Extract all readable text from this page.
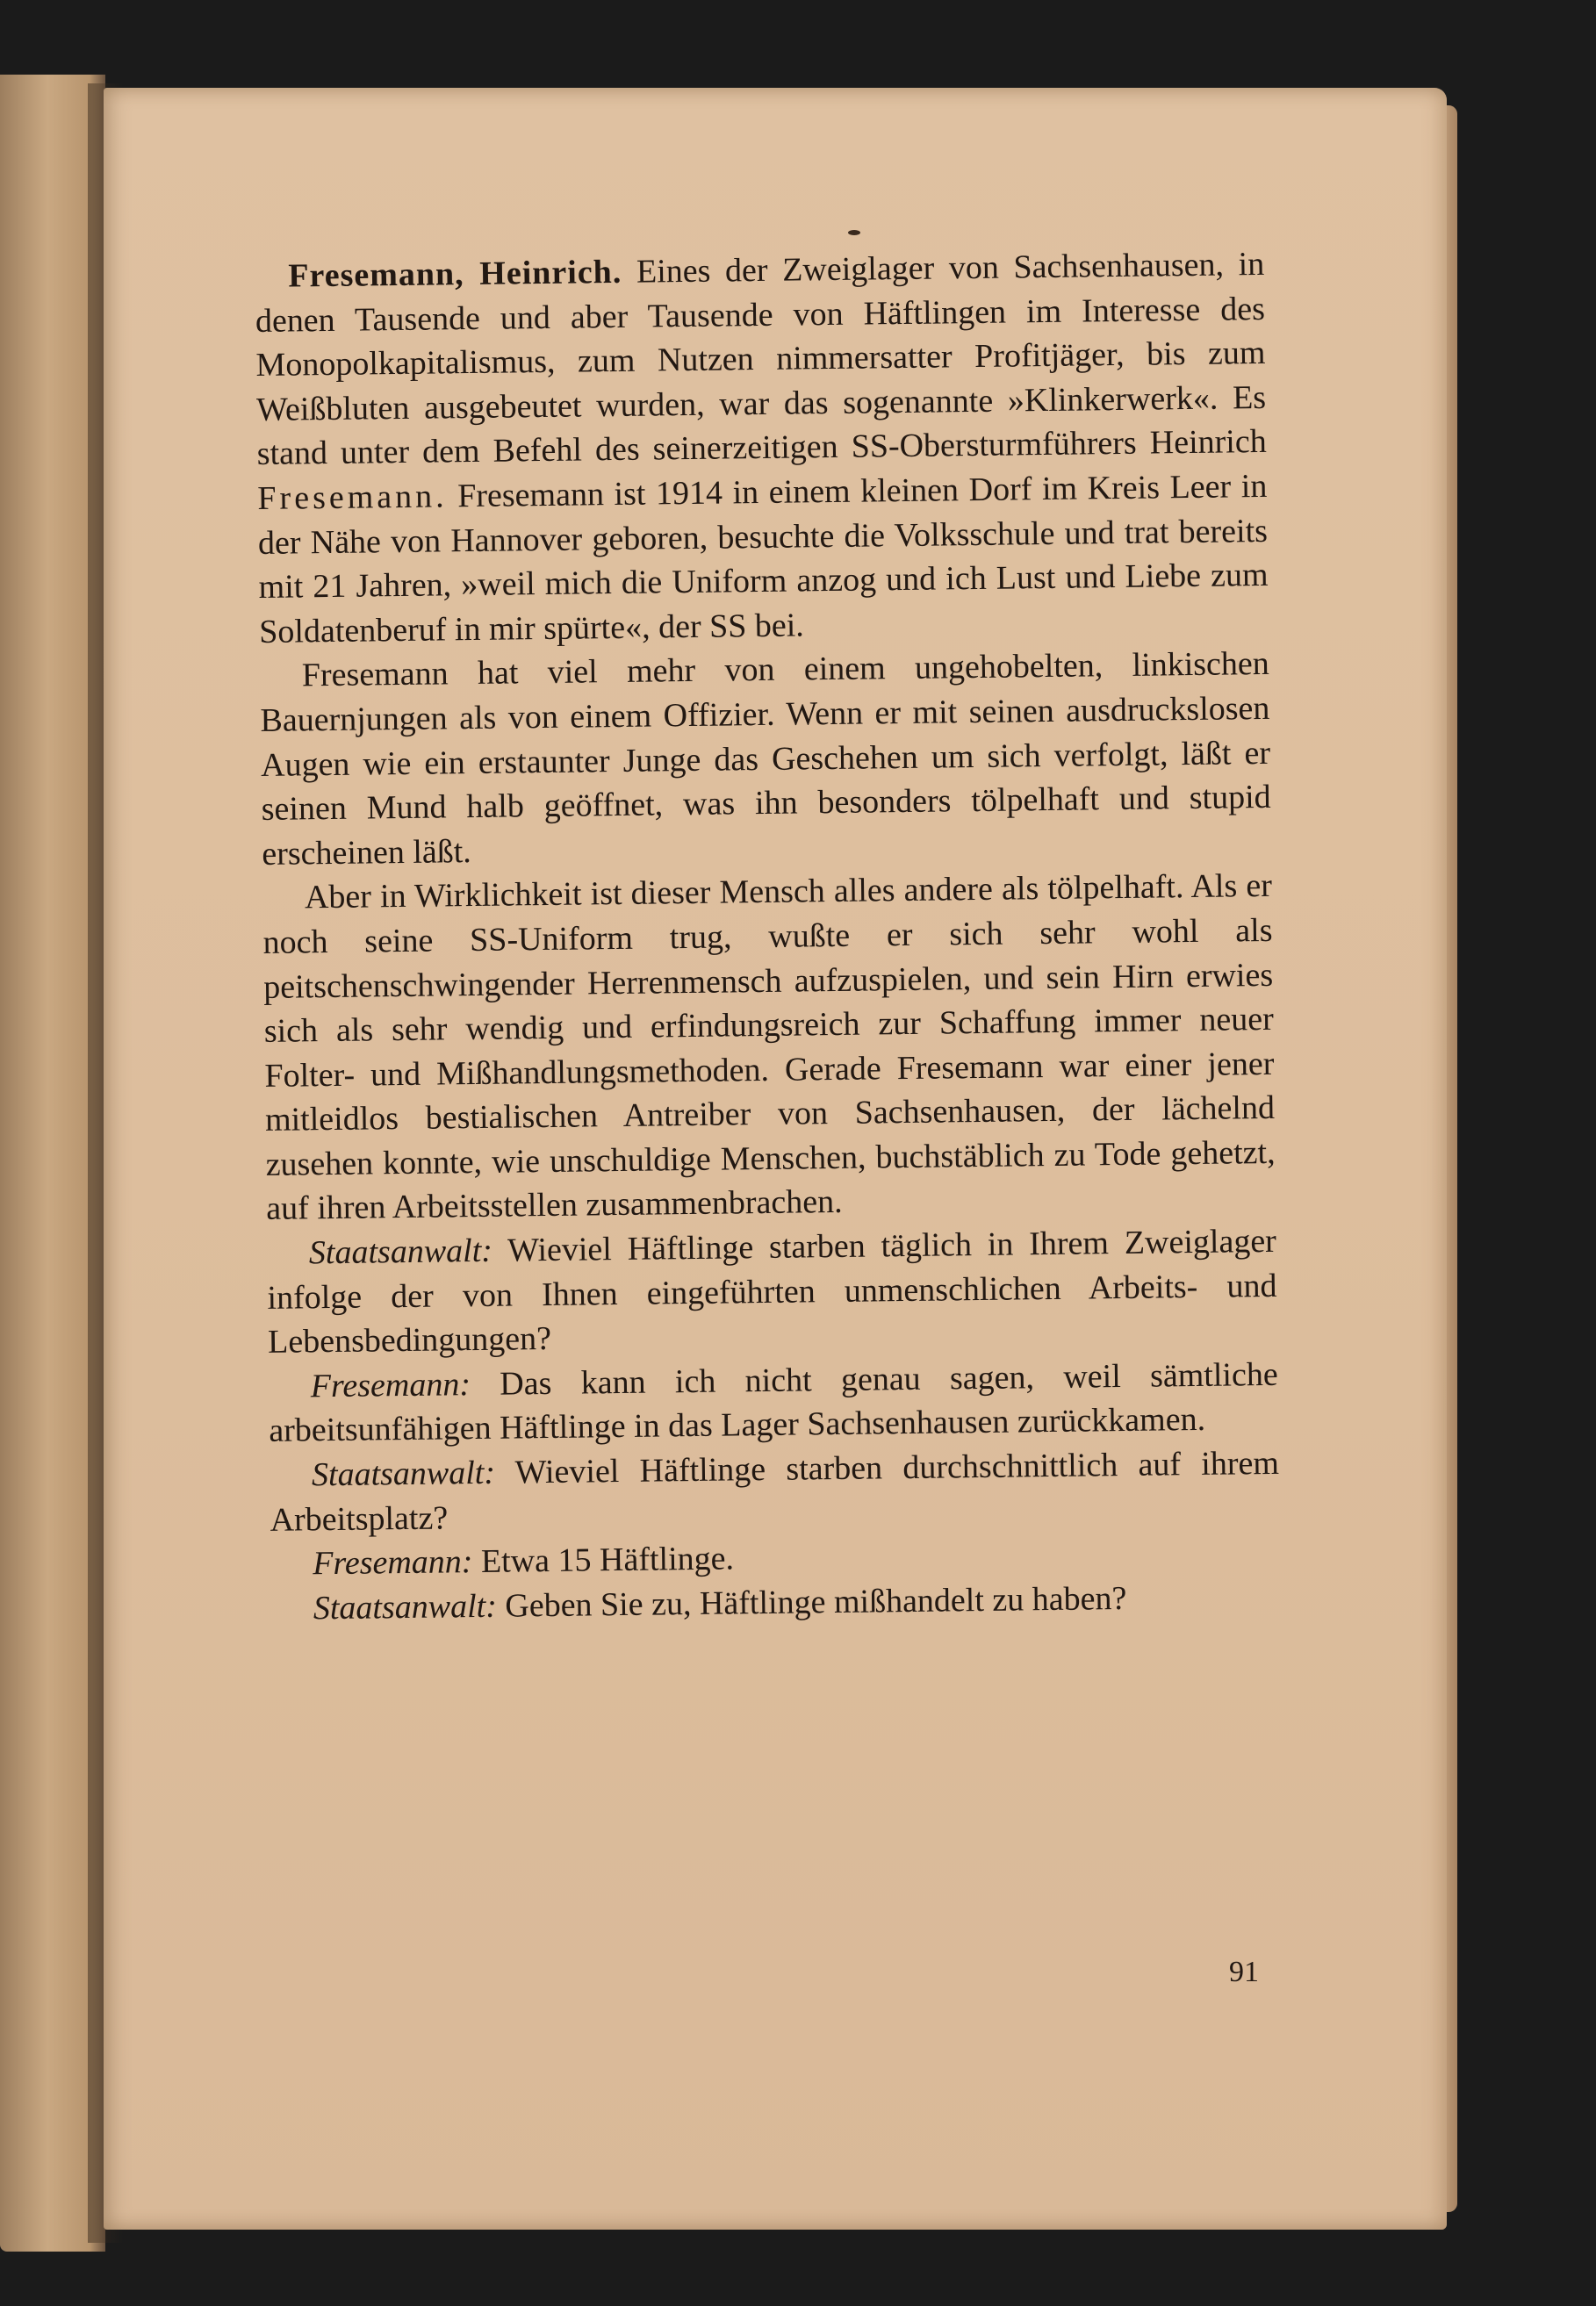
Fresemann, Heinrich. Eines der Zweiglager von Sachsenhausen, in denen Tausende und aber Tausende von Häftlingen im Interesse des Monopolkapitalismus, zum Nutzen nimmersatter Profitjäger, bis zum Weißbluten ausgebeutet wurden, war das sogenannte »Klinkerwerk«. Es stand unter dem Befehl des seinerzeitigen SS-Obersturmführers Heinrich Fresemann. Fresemann ist 1914 in einem kleinen Dorf im Kreis Leer in der Nähe von Hannover geboren, besuchte die Volksschule und trat bereits mit 21 Jahren, »weil mich die Uniform anzog und ich Lust und Liebe zum Soldatenberuf in mir spürte«, der SS bei.

Fresemann hat viel mehr von einem ungehobelten, linkischen Bauernjungen als von einem Offizier. Wenn er mit seinen ausdruckslosen Augen wie ein erstaunter Junge das Geschehen um sich verfolgt, läßt er seinen Mund halb geöffnet, was ihn besonders tölpelhaft und stupid erscheinen läßt.

Aber in Wirklichkeit ist dieser Mensch alles andere als tölpelhaft. Als er noch seine SS-Uniform trug, wußte er sich sehr wohl als peitschenschwingender Herrenmensch aufzuspielen, und sein Hirn erwies sich als sehr wendig und erfindungsreich zur Schaffung immer neuer Folter- und Mißhandlungsmethoden. Gerade Fresemann war einer jener mitleidlos bestialischen Antreiber von Sachsenhausen, der lächelnd zusehen konnte, wie unschuldige Menschen, buchstäblich zu Tode gehetzt, auf ihren Arbeitsstellen zusammenbrachen.

Staatsanwalt: Wieviel Häftlinge starben täglich in Ihrem Zweiglager infolge der von Ihnen eingeführten unmenschlichen Arbeits- und Lebensbedingungen?

Fresemann: Das kann ich nicht genau sagen, weil sämtliche arbeitsunfähigen Häftlinge in das Lager Sachsenhausen zurückkamen.

Staatsanwalt: Wieviel Häftlinge starben durchschnittlich auf ihrem Arbeitsplatz?

Fresemann: Etwa 15 Häftlinge.

Staatsanwalt: Geben Sie zu, Häftlinge mißhandelt zu haben?

91
